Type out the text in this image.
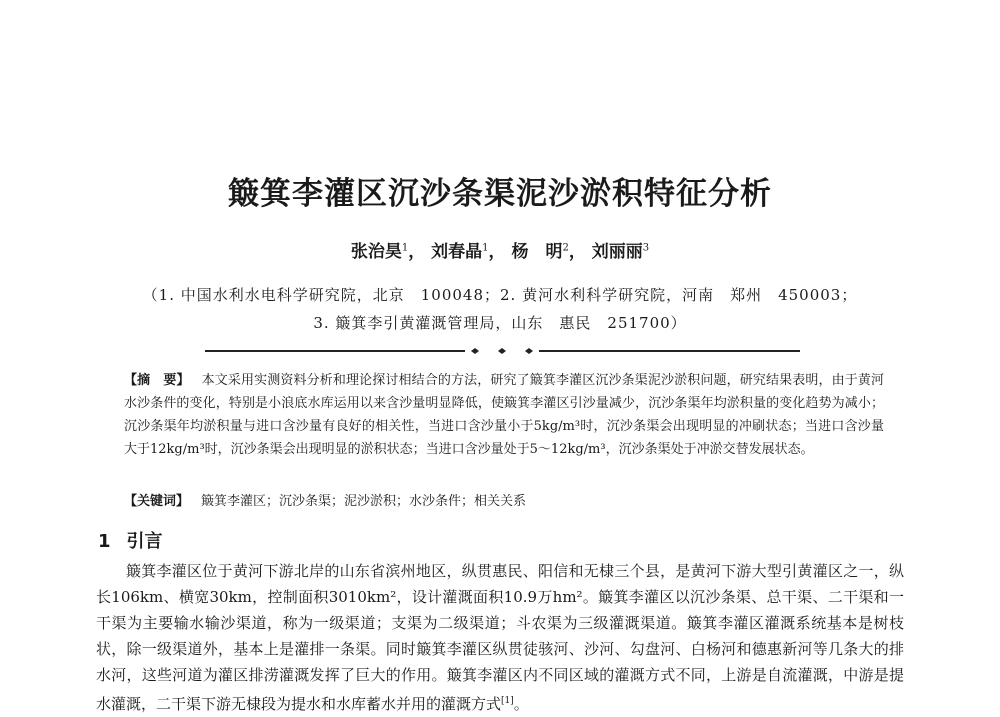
簸箕李灌区沉沙条渠泥沙淤积特征分析
张治昊$^1$， 刘春晶$^1$， 杨　明$^2$， 刘丽丽$^3$
（1. 中国水利水电科学研究院，北京　100048；2. 黄河水利科学研究院，河南　郑州　450003；
3. 簸箕李引黄灌溉管理局，山东　惠民　251700）
【摘　要】 本文采用实测资料分析和理论探讨相结合的方法，研究了簸箕李灌区沉沙条渠泥沙淤积问题，研究结果表明，由于黄河水沙条件的变化，特别是小浪底水库运用以来含沙量明显降低，使簸箕李灌区引沙量减少，沉沙条渠年均淤积量的变化趋势为减小；沉沙条渠年均淤积量与进口含沙量有良好的相关性，当进口含沙量小于5kg/m³时，沉沙条渠会出现明显的冲刷状态；当进口含沙量大于12kg/m³时，沉沙条渠会出现明显的淤积状态；当进口含沙量处于5～12kg/m³，沉沙条渠处于冲淤交替发展状态。
【关键词】 簸箕李灌区；沉沙条渠；泥沙淤积；水沙条件；相关关系
1 引言
簸箕李灌区位于黄河下游北岸的山东省滨州地区，纵贯惠民、阳信和无棣三个县，是黄河下游大型引黄灌区之一，纵长106km、横宽30km，控制面积3010km²，设计灌溉面积10.9万hm²。簸箕李灌区以沉沙条渠、总干渠、二干渠和一干渠为主要输水输沙渠道，称为一级渠道；支渠为二级渠道；斗农渠为三级灌溉渠道。簸箕李灌区灌溉系统基本是树枝状，除一级渠道外，基本上是灌排一条渠。同时簸箕李灌区纵贯徒骇河、沙河、勾盘河、白杨河和德惠新河等几条大的排水河，这些河道为灌区排涝灌溉发挥了巨大的作用。簸箕李灌区内不同区域的灌溉方式不同，上游是自流灌溉，中游是提水灌溉，二干渠下游无棣段为提水和水库蓄水并用的灌溉方式[1]。
